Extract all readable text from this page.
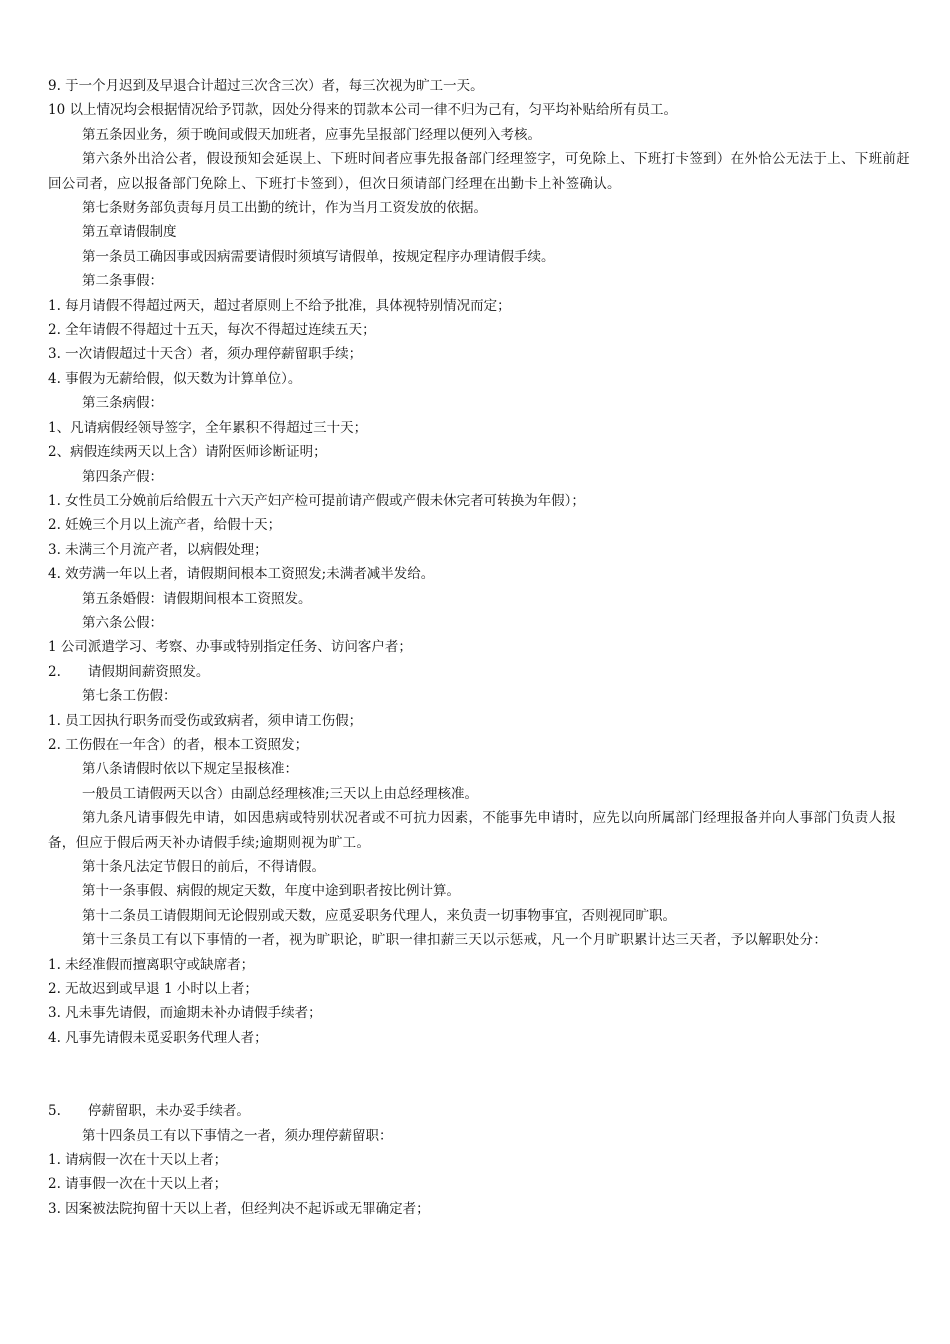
9. 于一个月迟到及早退合计超过三次含三次）者，每三次视为旷工一天。
10 以上情况均会根据情况给予罚款，因处分得来的罚款本公司一律不归为己有，匀平均补贴给所有员工。
第五条因业务，须于晚间或假天加班者，应事先呈报部门经理以便列入考核。
第六条外出洽公者，假设预知会延误上、下班时间者应事先报备部门经理签字，可免除上、下班打卡签到）在外恰公无法于上、下班前赶回公司者，应以报备部门免除上、下班打卡签到），但次日须请部门经理在出勤卡上补签确认。
第七条财务部负责每月员工出勤的统计，作为当月工资发放的依据。
第五章请假制度
第一条员工确因事或因病需要请假时须填写请假单，按规定程序办理请假手续。
第二条事假：
1. 每月请假不得超过两天，超过者原则上不给予批准，具体视特别情况而定；
2. 全年请假不得超过十五天，每次不得超过连续五天；
3. 一次请假超过十天含）者，须办理停薪留职手续；
4. 事假为无薪给假，似天数为计算单位）。
第三条病假：
1、凡请病假经领导签字，全年累积不得超过三十天；
2、病假连续两天以上含）请附医师诊断证明；
第四条产假：
1. 女性员工分娩前后给假五十六天产妇产检可提前请产假或产假未休完者可转换为年假）；
2. 妊娩三个月以上流产者，给假十天；
3. 未满三个月流产者，以病假处理；
4. 效劳满一年以上者，请假期间根本工资照发;未满者减半发给。
第五条婚假：请假期间根本工资照发。
第六条公假：
1 公司派遣学习、考察、办事或特别指定任务、访问客户者；
2.　　请假期间薪资照发。
第七条工伤假：
1. 员工因执行职务而受伤或致病者，须申请工伤假；
2. 工伤假在一年含）的者，根本工资照发；
第八条请假时依以下规定呈报核准：
一般员工请假两天以含）由副总经理核准;三天以上由总经理核准。
第九条凡请事假先申请，如因患病或特别状况者或不可抗力因素，不能事先申请时，应先以向所属部门经理报备并向人事部门负责人报备，但应于假后两天补办请假手续;逾期则视为旷工。
第十条凡法定节假日的前后，不得请假。
第十一条事假、病假的规定天数，年度中途到职者按比例计算。
第十二条员工请假期间无论假别或天数，应觅妥职务代理人，来负责一切事物事宜，否则视同旷职。
第十三条员工有以下事情的一者，视为旷职论，旷职一律扣薪三天以示惩戒，凡一个月旷职累计达三天者，予以解职处分：
1. 未经准假而擅离职守或缺席者；
2. 无故迟到或早退 1 小时以上者；
3. 凡未事先请假，而逾期未补办请假手续者；
4. 凡事先请假未觅妥职务代理人者；
5.　　停薪留职，未办妥手续者。
第十四条员工有以下事情之一者，须办理停薪留职：
1. 请病假一次在十天以上者；
2. 请事假一次在十天以上者；
3. 因案被法院拘留十天以上者，但经判决不起诉或无罪确定者；
